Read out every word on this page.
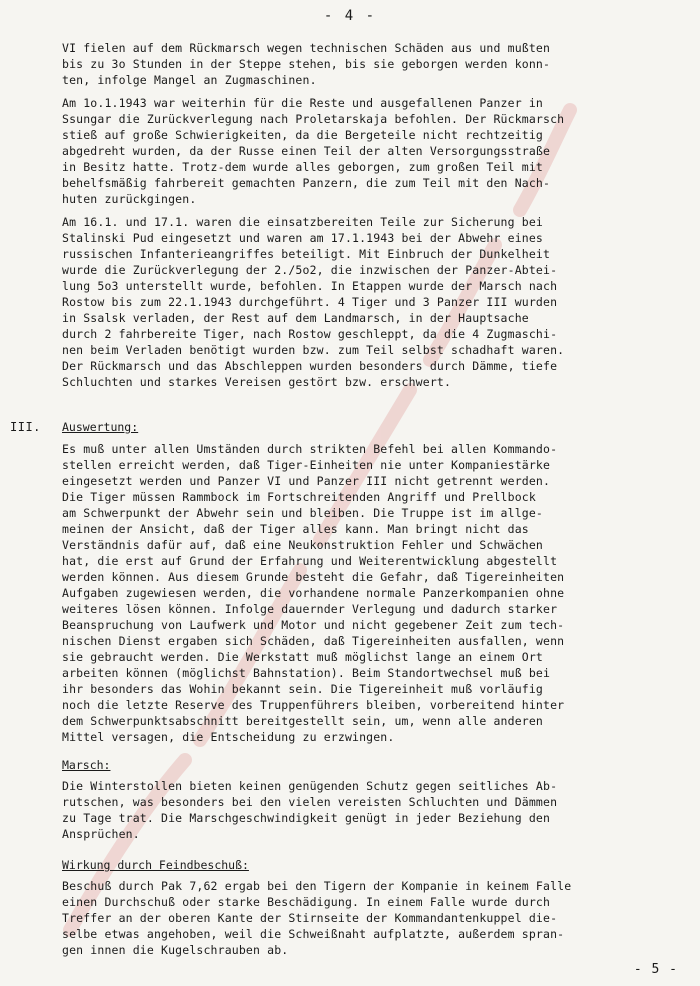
- 4 -
VI fielen auf dem Rückmarsch wegen technischen Schäden aus und mußten
bis zu 3o Stunden in der Steppe stehen, bis sie geborgen werden konn-
ten, infolge Mangel an Zugmaschinen.
Am 1o.1.1943 war weiterhin für die Reste und ausgefallenen Panzer in
Ssungar die Zurückverlegung nach Proletarskaja befohlen. Der Rückmarsch
stieß auf große Schwierigkeiten, da die Bergeteile nicht rechtzeitig
abgedreht wurden, da der Russe einen Teil der alten Versorgungsstraße
in Besitz hatte. Trotz-dem wurde alles geborgen, zum großen Teil mit
behelfsmäßig fahrbereit gemachten Panzern, die zum Teil mit den Nach-
huten zurückgingen.
Am 16.1. und 17.1. waren die einsatzbereiten Teile zur Sicherung bei
Stalinski Pud eingesetzt und waren am 17.1.1943 bei der Abwehr eines
russischen Infanterieangriffes beteiligt. Mit Einbruch der Dunkelheit
wurde die Zurückverlegung der 2./5o2, die inzwischen der Panzer-Abtei-
lung 5o3 unterstellt wurde, befohlen. In Etappen wurde der Marsch nach
Rostow bis zum 22.1.1943 durchgeführt. 4 Tiger und 3 Panzer III wurden
in Ssalsk verladen, der Rest auf dem Landmarsch, in der Hauptsache
durch 2 fahrbereite Tiger, nach Rostow geschleppt, da die 4 Zugmaschi-
nen beim Verladen benötigt wurden bzw. zum Teil selbst schadhaft waren.
Der Rückmarsch und das Abschleppen wurden besonders durch Dämme, tiefe
Schluchten und starkes Vereisen gestört bzw. erschwert.
III. Auswertung:
Es muß unter allen Umständen durch strikten Befehl bei allen Kommando-
stellen erreicht werden, daß Tiger-Einheiten nie unter Kompaniestärke
eingesetzt werden und Panzer VI und Panzer III nicht getrennt werden.
Die Tiger müssen Rammbock im Fortschreitenden Angriff und Prellbock
am Schwerpunkt der Abwehr sein und bleiben. Die Truppe ist im allge-
meinen der Ansicht, daß der Tiger alles kann. Man bringt nicht das
Verständnis dafür auf, daß eine Neukonstruktion Fehler und Schwächen
hat, die erst auf Grund der Erfahrung und Weiterentwicklung abgestellt
werden können. Aus diesem Grunde besteht die Gefahr, daß Tigereinheiten
Aufgaben zugewiesen werden, die vorhandene normale Panzerkompanien ohne
weiteres lösen können. Infolge dauernder Verlegung und dadurch starker
Beanspruchung von Laufwerk und Motor und nicht gegebener Zeit zum tech-
nischen Dienst ergaben sich Schäden, daß Tigereinheiten ausfallen, wenn
sie gebraucht werden. Die Werkstatt muß möglichst lange an einem Ort
arbeiten können (möglichst Bahnstation). Beim Standortwechsel muß bei
ihr besonders das Wohin bekannt sein. Die Tigereinheit muß vorläufig
noch die letzte Reserve des Truppenführers bleiben, vorbereitend hinter
dem Schwerpunktsabschnitt bereitgestellt sein, um, wenn alle anderen
Mittel versagen, die Entscheidung zu erzwingen.
Marsch:
Die Winterstollen bieten keinen genügenden Schutz gegen seitliches Ab-
rutschen, was besonders bei den vielen vereisten Schluchten und Dämmen
zu Tage trat. Die Marschgeschwindigkeit genügt in jeder Beziehung den
Ansprüchen.
Wirkung durch Feindbeschuß:
Beschuß durch Pak 7,62 ergab bei den Tigern der Kompanie in keinem Falle
einen Durchschuß oder starke Beschädigung. In einem Falle wurde durch
Treffer an der oberen Kante der Stirnseite der Kommandantenkuppel die-
selbe etwas angehoben, weil die Schweißnaht aufplatzte, außerdem spran-
gen innen die Kugelschrauben ab.
- 5 -
